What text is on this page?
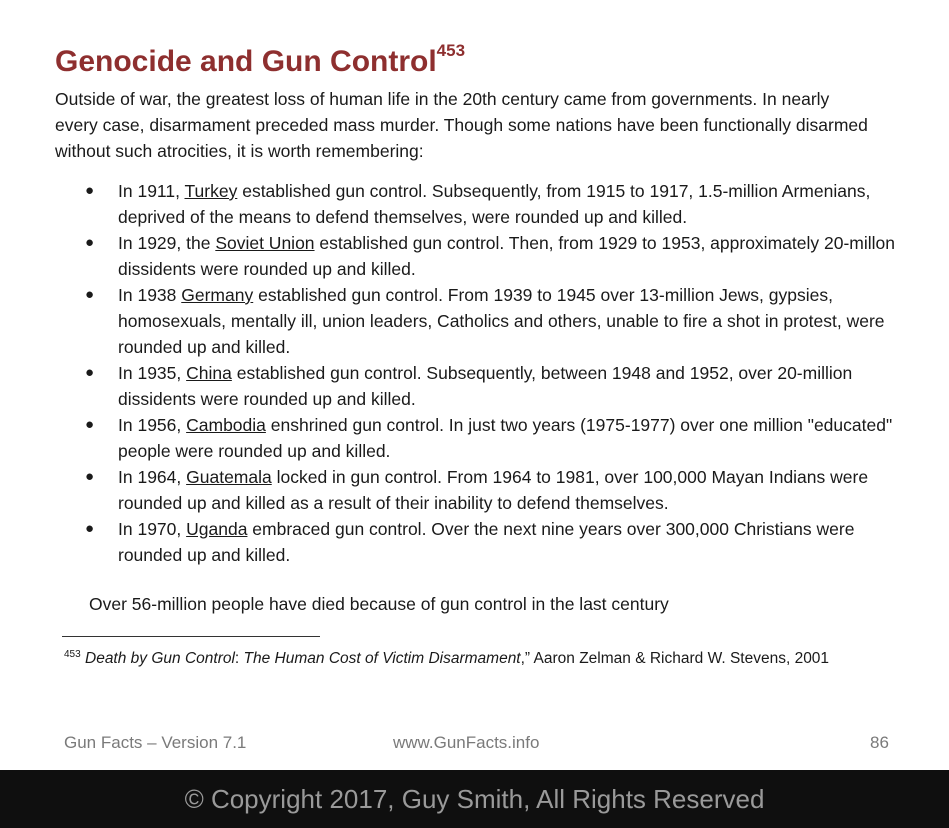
Genocide and Gun Control$^{453}$

Outside of war, the greatest loss of human life in the 20th century came from governments. In nearly every case, disarmament preceded mass murder. Though some nations have been functionally disarmed without such atrocities, it is worth remembering:

● In 1911, Turkey established gun control. Subsequently, from 1915 to 1917, 1.5-million Armenians, deprived of the means to defend themselves, were rounded up and killed.
● In 1929, the Soviet Union established gun control. Then, from 1929 to 1953, approximately 20-millon dissidents were rounded up and killed.
● In 1938 Germany established gun control. From 1939 to 1945 over 13-million Jews, gypsies, homosexuals, mentally ill, union leaders, Catholics and others, unable to fire a shot in protest, were rounded up and killed.
● In 1935, China established gun control. Subsequently, between 1948 and 1952, over 20-million dissidents were rounded up and killed.
● In 1956, Cambodia enshrined gun control. In just two years (1975-1977) over one million "educated" people were rounded up and killed.
● In 1964, Guatemala locked in gun control. From 1964 to 1981, over 100,000 Mayan Indians were rounded up and killed as a result of their inability to defend themselves.
● In 1970, Uganda embraced gun control. Over the next nine years over 300,000 Christians were rounded up and killed.

Over 56-million people have died because of gun control in the last century

$^{453}$ Death by Gun Control: The Human Cost of Victim Disarmament,” Aaron Zelman & Richard W. Stevens, 2001

Gun Facts – Version 7.1	www.GunFacts.info	86
© Copyright 2017, Guy Smith, All Rights Reserved
